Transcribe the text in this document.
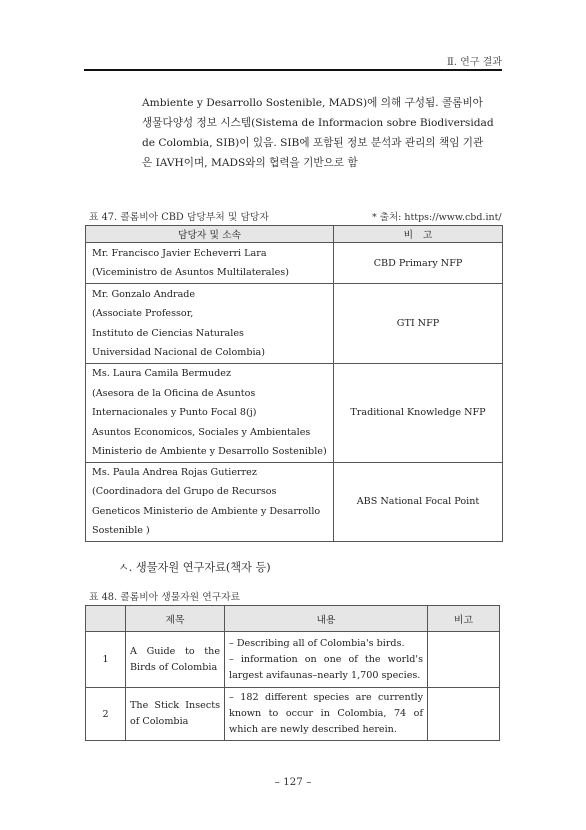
Ⅱ. 연구 결과

Ambiente y Desarrollo Sostenible, MADS)에 의해 구성됨. 콜롬비아

생물다양성 정보 시스템(Sistema de Informacion sobre Biodiversidad

de Colombia, SIB)이 있음. SIB에 포함된 정보 분석과 관리의 책임 기관

은 IAVH이며, MADS와의 협력을 기반으로 함

표 47. 콜롬비아 CBD 담당부처 및 담당자	* 출처: https://www.cbd.int/
담당자 및 소속	비　고

Mr. Francisco Javier Echeverri Lara
(Viceministro de Asuntos Multilaterales)	CBD Primary NFP

Mr. Gonzalo Andrade
(Associate Professor,
Instituto de Ciencias Naturales
Universidad Nacional de Colombia)	GTI NFP

Ms. Laura Camila Bermudez
(Asesora de la Oficina de Asuntos
Internacionales y Punto Focal 8(j)
Asuntos Economicos, Sociales y Ambientales
Ministerio de Ambiente y Desarrollo Sostenible)	Traditional Knowledge NFP

Ms. Paula Andrea Rojas Gutierrez
(Coordinadora del Grupo de Recursos
Geneticos Ministerio de Ambiente y Desarrollo
Sostenible )	ABS National Focal Point
ㅅ. 생물자원 연구자료(책자 등)
표 48. 콜롬비아 생물자원 연구자료
	제목	내용	비고
1	A Guide to the Birds of Colombia	– Describing all of Colombia's birds.
– information on one of the world's largest avifaunas–nearly 1,700 species.	

2	The Stick Insects of Colombia	– 182 different species are currently known to occur in Colombia, 74 of which are newly described herein.	

– 127 –
